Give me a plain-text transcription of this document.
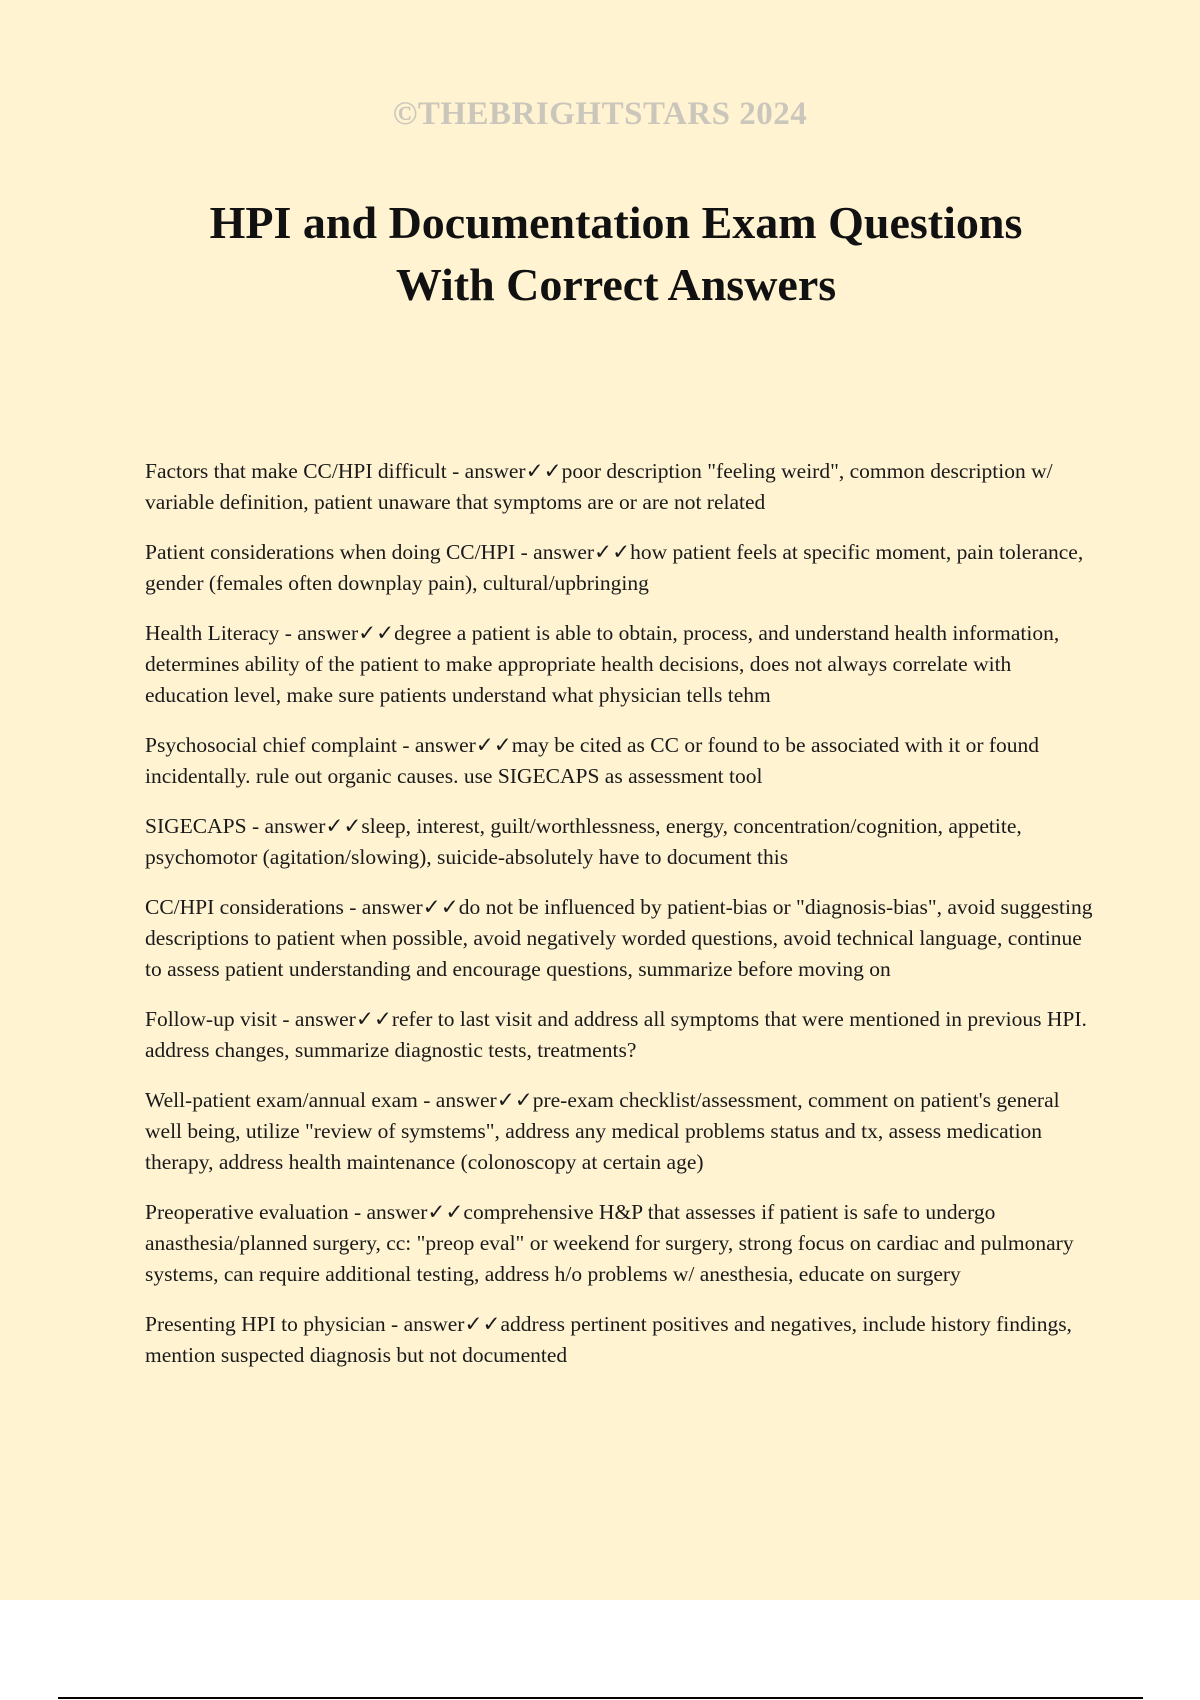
©THEBRIGHTSTARS 2024
HPI and Documentation Exam Questions
With Correct Answers
Factors that make CC/HPI difficult - answer✓✓poor description "feeling weird", common description w/ variable definition, patient unaware that symptoms are or are not related
Patient considerations when doing CC/HPI - answer✓✓how patient feels at specific moment, pain tolerance, gender (females often downplay pain), cultural/upbringing
Health Literacy - answer✓✓degree a patient is able to obtain, process, and understand health information, determines ability of the patient to make appropriate health decisions, does not always correlate with education level, make sure patients understand what physician tells tehm
Psychosocial chief complaint - answer✓✓may be cited as CC or found to be associated with it or found incidentally. rule out organic causes. use SIGECAPS as assessment tool
SIGECAPS - answer✓✓sleep, interest, guilt/worthlessness, energy, concentration/cognition, appetite, psychomotor (agitation/slowing), suicide-absolutely have to document this
CC/HPI considerations - answer✓✓do not be influenced by patient-bias or "diagnosis-bias", avoid suggesting descriptions to patient when possible, avoid negatively worded questions, avoid technical language, continue to assess patient understanding and encourage questions, summarize before moving on
Follow-up visit - answer✓✓refer to last visit and address all symptoms that were mentioned in previous HPI. address changes, summarize diagnostic tests, treatments?
Well-patient exam/annual exam - answer✓✓pre-exam checklist/assessment, comment on patient's general well being, utilize "review of symstems", address any medical problems status and tx, assess medication therapy, address health maintenance (colonoscopy at certain age)
Preoperative evaluation - answer✓✓comprehensive H&P that assesses if patient is safe to undergo anasthesia/planned surgery, cc: "preop eval" or weekend for surgery, strong focus on cardiac and pulmonary systems, can require additional testing, address h/o problems w/ anesthesia, educate on surgery
Presenting HPI to physician - answer✓✓address pertinent positives and negatives, include history findings, mention suspected diagnosis but not documented
